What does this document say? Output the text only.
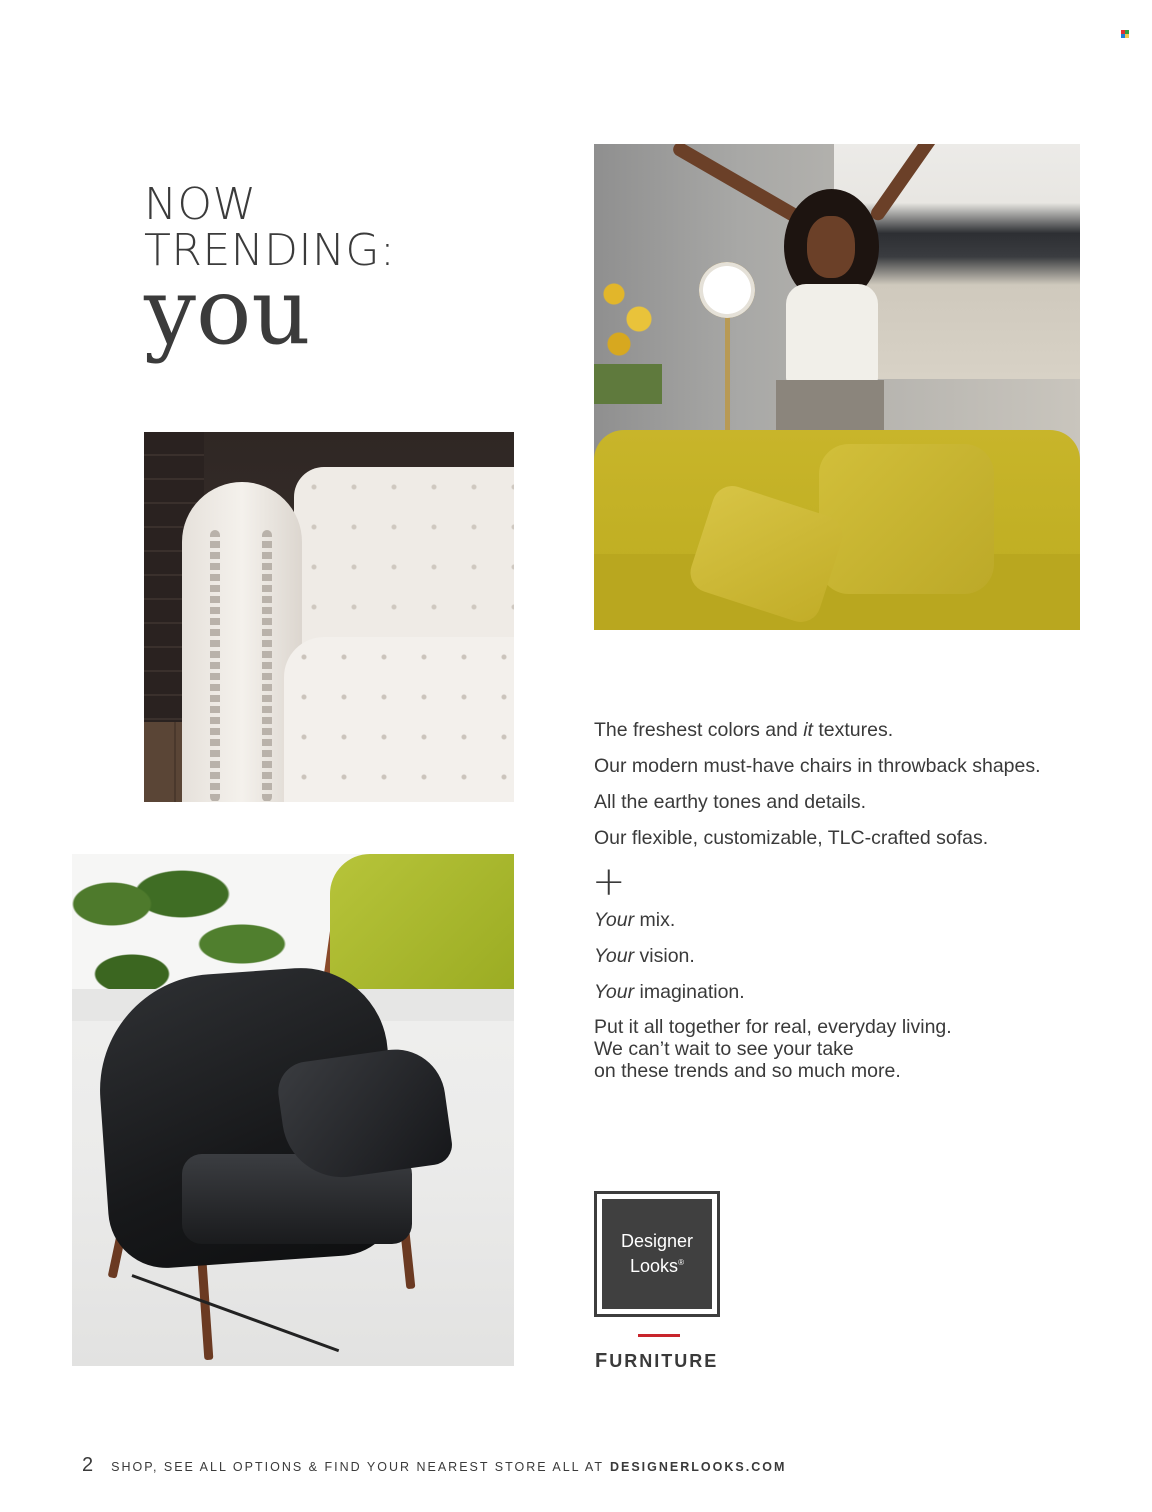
NOW
TRENDING:
you

The freshest colors and it textures.

Our modern must-have chairs in throwback shapes.

All the earthy tones and details.

Our flexible, customizable, TLC-crafted sofas.

+

Your mix.

Your vision.

Your imagination.

Put it all together for real, everyday living.

We can’t wait to see your take

on these trends and so much more.

Designer
Looks®
FURNITURE
2 SHOP, SEE ALL OPTIONS & FIND YOUR NEAREST STORE ALL AT DESIGNERLOOKS.COM
